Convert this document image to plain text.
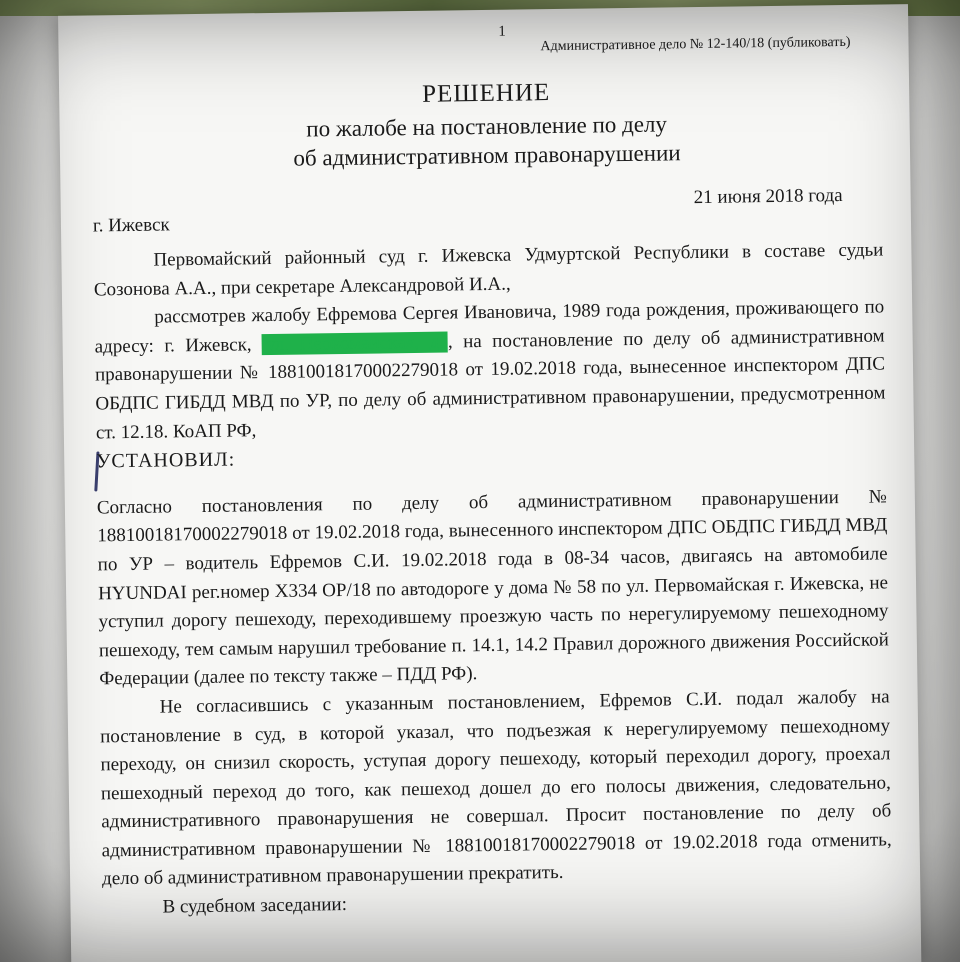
1
Административное дело № 12-140/18 (публиковать)
РЕШЕНИЕ
по жалобе на постановление по делу
об административном правонарушении
21 июня 2018 года
г. Ижевск

Первомайский районный суд г. Ижевска Удмуртской Республики в составе судьи Созонова А.А., при секретаре Александровой И.А.,

рассмотрев жалобу Ефремова Сергея Ивановича, 1989 года рождения, проживающего по адресу: г. Ижевск, ул. Первомайская, д. , на постановление по делу об административном правонарушении № 18810018170002279018 от 19.02.2018 года, вынесенное инспектором ДПС ОБДПС ГИБДД МВД по УР, по делу об административном правонарушении, предусмотренном ст. 12.18. КоАП РФ,

УСТАНОВИЛ:

Согласно постановления по делу об административном правонарушении № 18810018170002279018 от 19.02.2018 года, вынесенного инспектором ДПС ОБДПС ГИБДД МВД по УР – водитель Ефремов С.И. 19.02.2018 года в 08-34 часов, двигаясь на автомобиле HYUNDAI рег.номер Х334 ОР/18 по автодороге у дома № 58 по ул. Первомайская г. Ижевска, не уступил дорогу пешеходу, переходившему проезжую часть по нерегулируемому пешеходному пешеходу, тем самым нарушил требование п. 14.1, 14.2 Правил дорожного движения Российской Федерации (далее по тексту также – ПДД РФ).

Не согласившись с указанным постановлением, Ефремов С.И. подал жалобу на постановление в суд, в которой указал, что подъезжая к нерегулируемому пешеходному переходу, он снизил скорость, уступая дорогу пешеходу, который переходил дорогу, проехал пешеходный переход до того, как пешеход дошел до его полосы движения, следовательно, административного правонарушения не совершал. Просит постановление по делу об административном правонарушении № 18810018170002279018 от 19.02.2018 года отменить, дело об административном правонарушении прекратить.

В судебном заседании:
